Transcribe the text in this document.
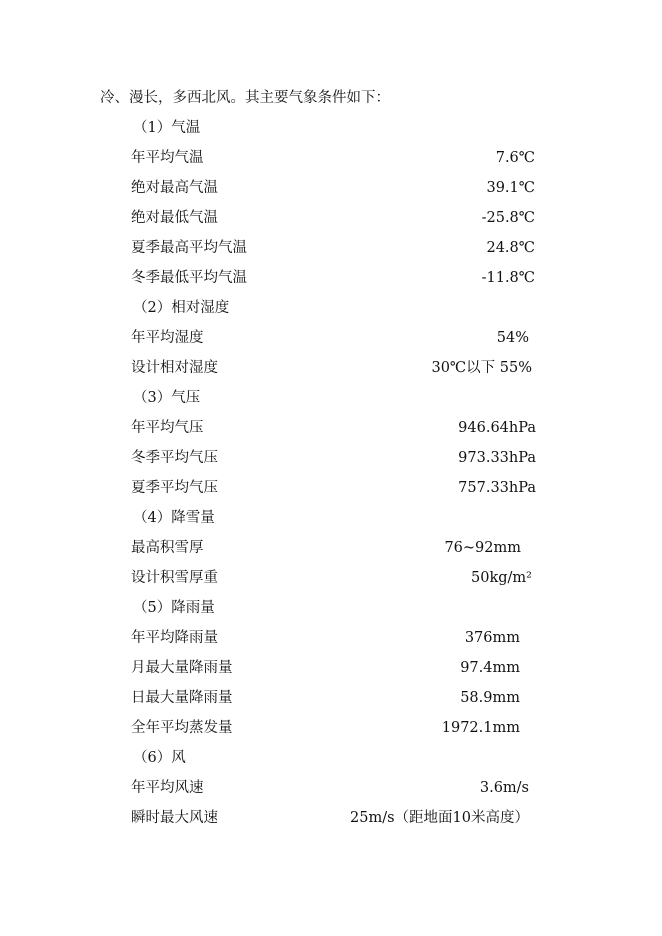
冷、漫长，多西北风。其主要气象条件如下：
（1）气温
年平均气温	7.6℃
绝对最高气温	39.1℃
绝对最低气温	-25.8℃
夏季最高平均气温	24.8℃
冬季最低平均气温	-11.8℃
（2）相对湿度
年平均湿度	54%
设计相对湿度	30℃以下 55%
（3）气压
年平均气压	946.64hPa
冬季平均气压	973.33hPa
夏季平均气压	757.33hPa
（4）降雪量
最高积雪厚	76~92mm
设计积雪厚重	50kg/m²
（5）降雨量
年平均降雨量	376mm
月最大量降雨量	97.4mm
日最大量降雨量	58.9mm
全年平均蒸发量	1972.1mm
（6）风
年平均风速	3.6m/s
瞬时最大风速	25m/s（距地面10米高度）
